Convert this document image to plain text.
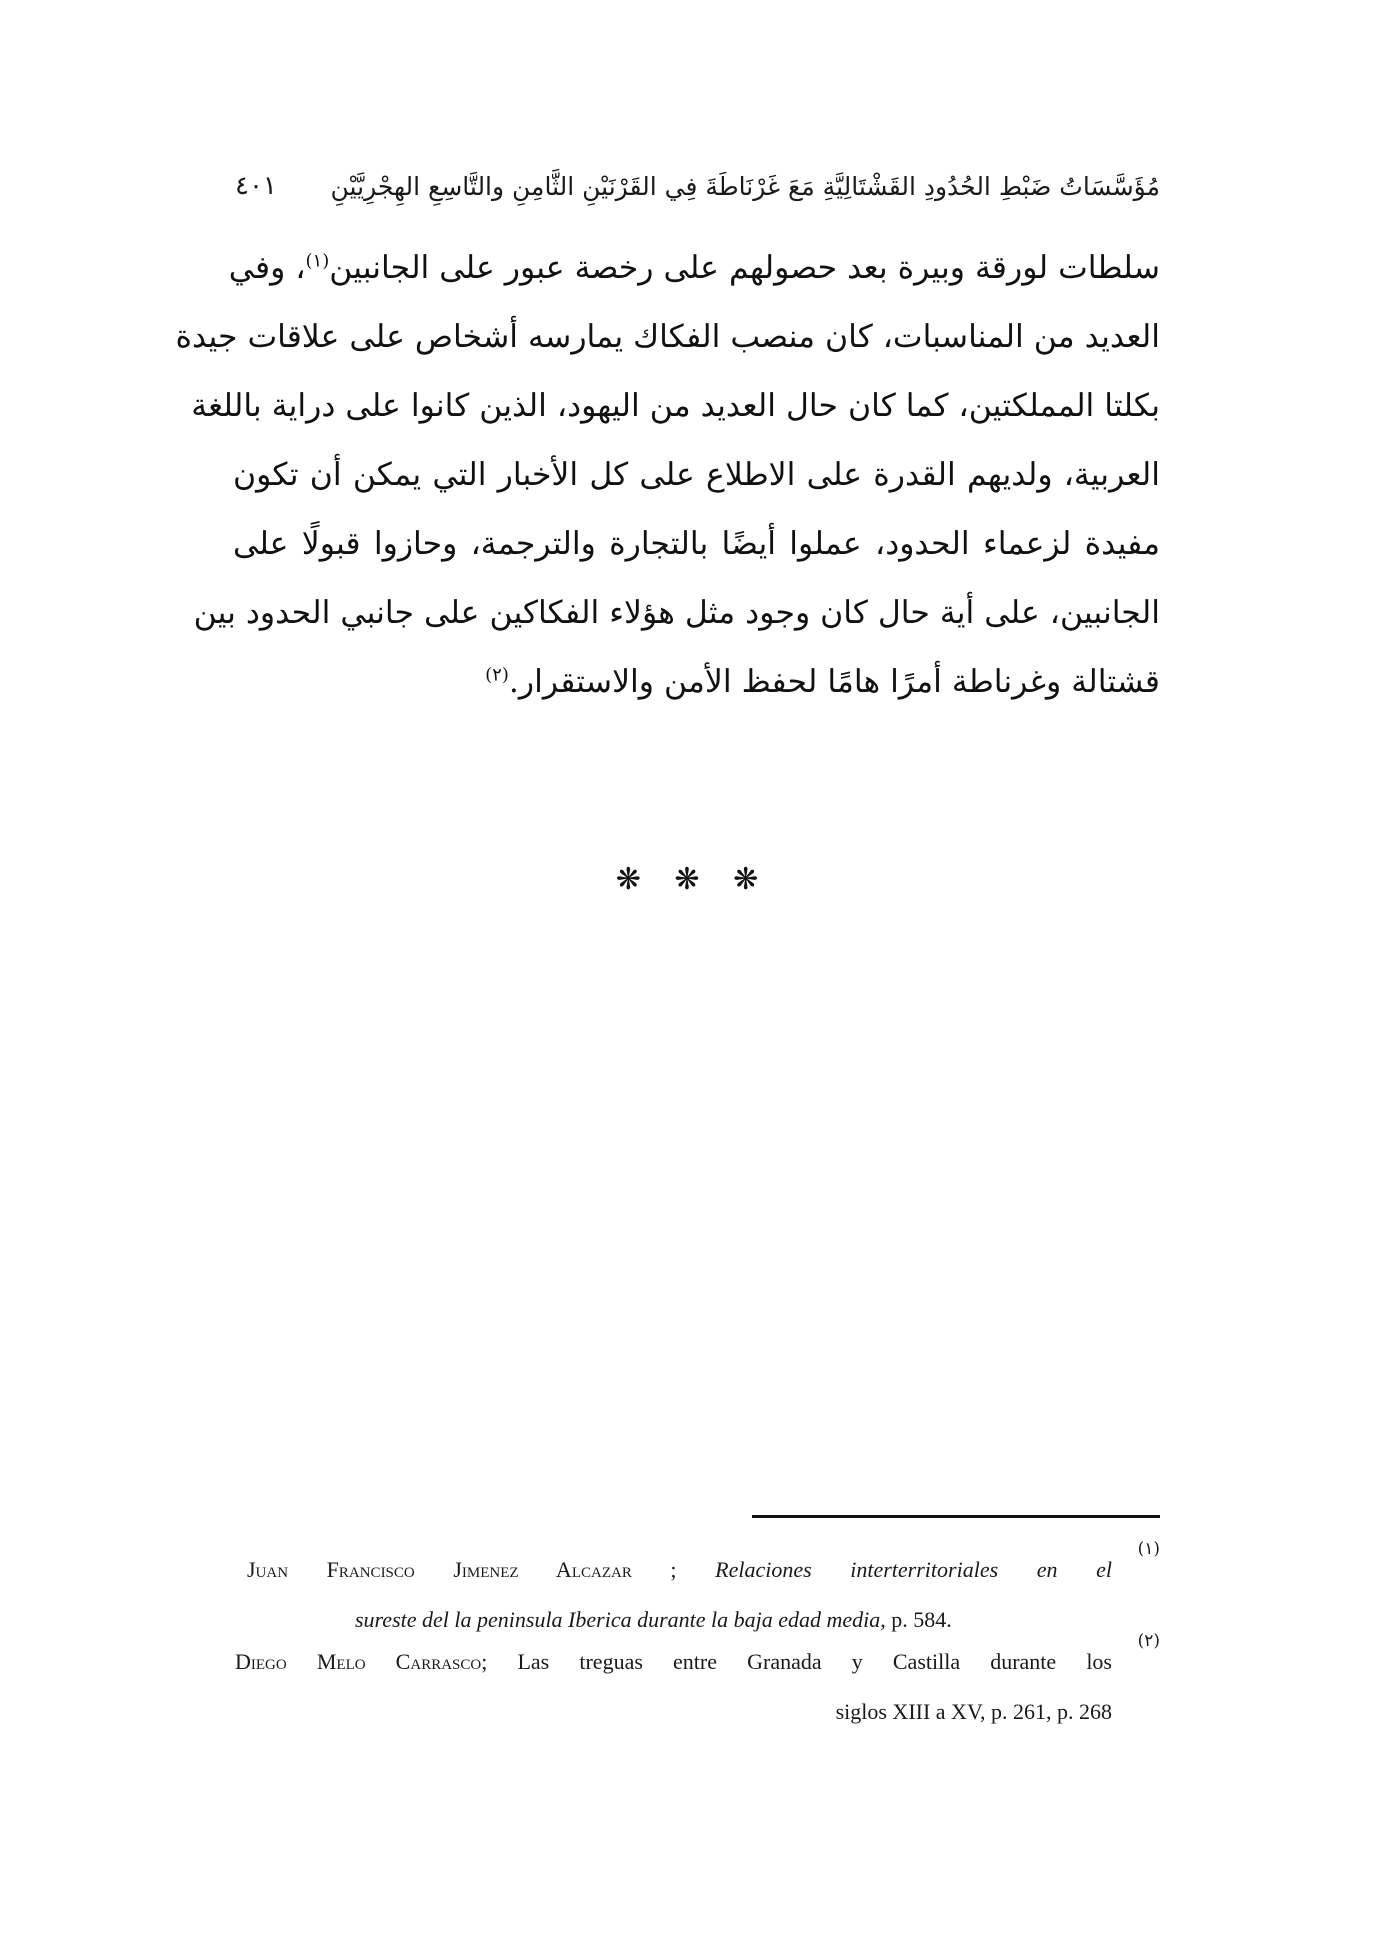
مُؤَسَّسَاتُ ضَبْطِ الحُدُودِ القَشْتَالِيَّةِ مَعَ غَرْنَاطَةَ فِي القَرْنَيْنِ الثَّامِنِ والتَّاسِعِ الهِجْرِيَّيْنِ
٤٠١
سلطات لورقة وبيرة بعد حصولهم على رخصة عبور على الجانبين$^{(١)}$، وفي
العديد من المناسبات، كان منصب الفكاك يمارسه أشخاص على علاقات جيدة
بكلتا المملكتين، كما كان حال العديد من اليهود، الذين كانوا على دراية باللغة
العربية، ولديهم القدرة على الاطلاع على كل الأخبار التي يمكن أن تكون
مفيدة لزعماء الحدود، عملوا أيضًا بالتجارة والترجمة، وحازوا قبولًا على
الجانبين، على أية حال كان وجود مثل هؤلاء الفكاكين على جانبي الحدود بين
قشتالة وغرناطة أمرًا هامًا لحفظ الأمن والاستقرار.$^{(٢)}$
❋ ❋ ❋
(١)
Juan Francisco Jimenez Alcazar ; Relaciones interterritoriales en el
sureste del la peninsula Iberica durante la baja edad media, p. 584.
(٢)
Diego Melo Carrasco; Las treguas entre Granada y Castilla durante los
siglos XIII a XV, p. 261, p. 268
